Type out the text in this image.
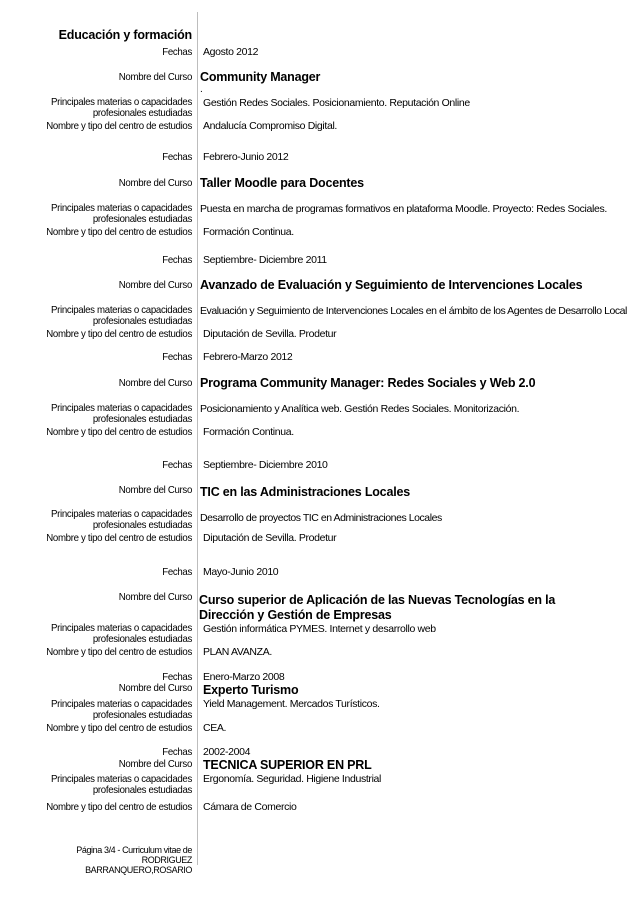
Educación y formación
Fechas Agosto 2012
Nombre del Curso Community Manager
.
Principales materias o capacidades
profesionales estudiadas
Gestión Redes Sociales. Posicionamiento. Reputación Online
Nombre y tipo del centro de estudios Andalucía Compromiso Digital.
Fechas Febrero-Junio 2012
Nombre del Curso Taller Moodle para Docentes
Principales materias o capacidades
profesionales estudiadas
Puesta en marcha de programas formativos en plataforma Moodle. Proyecto: Redes Sociales.
Nombre y tipo del centro de estudios Formación Continua.
Fechas Septiembre- Diciembre 2011
Nombre del Curso Avanzado de Evaluación y Seguimiento de Intervenciones Locales
Principales materias o capacidades
profesionales estudiadas
Evaluación y Seguimiento de Intervenciones Locales en el ámbito de los Agentes de Desarrollo Local
Nombre y tipo del centro de estudios Diputación de Sevilla. Prodetur
Fechas Febrero-Marzo 2012
Nombre del Curso Programa Community Manager: Redes Sociales y Web 2.0
Principales materias o capacidades
profesionales estudiadas
Posicionamiento y Analítica web. Gestión Redes Sociales. Monitorización.
Nombre y tipo del centro de estudios Formación Continua.
Fechas Septiembre- Diciembre 2010
Nombre del Curso TIC en las Administraciones Locales
Principales materias o capacidades
profesionales estudiadas
Desarrollo de proyectos TIC en Administraciones Locales
Nombre y tipo del centro de estudios Diputación de Sevilla. Prodetur
Fechas Mayo-Junio 2010
Nombre del Curso Curso superior de Aplicación de las Nuevas Tecnologías en la Dirección y Gestión de Empresas
Principales materias o capacidades
profesionales estudiadas
Gestión informática PYMES. Internet y desarrollo web
Nombre y tipo del centro de estudios PLAN AVANZA.
Fechas Enero-Marzo 2008
Nombre del Curso Experto Turismo
Principales materias o capacidades
profesionales estudiadas
Yield Management. Mercados Turísticos.
Nombre y tipo del centro de estudios CEA.
Fechas 2002-2004
Nombre del Curso TECNICA SUPERIOR EN PRL
Principales materias o capacidades
profesionales estudiadas
Ergonomía. Seguridad. Higiene Industrial
Nombre y tipo del centro de estudios Cámara de Comercio
Página 3/4 - Curriculum vitae de
RODRIGUEZ BARRANQUERO,ROSARIO
